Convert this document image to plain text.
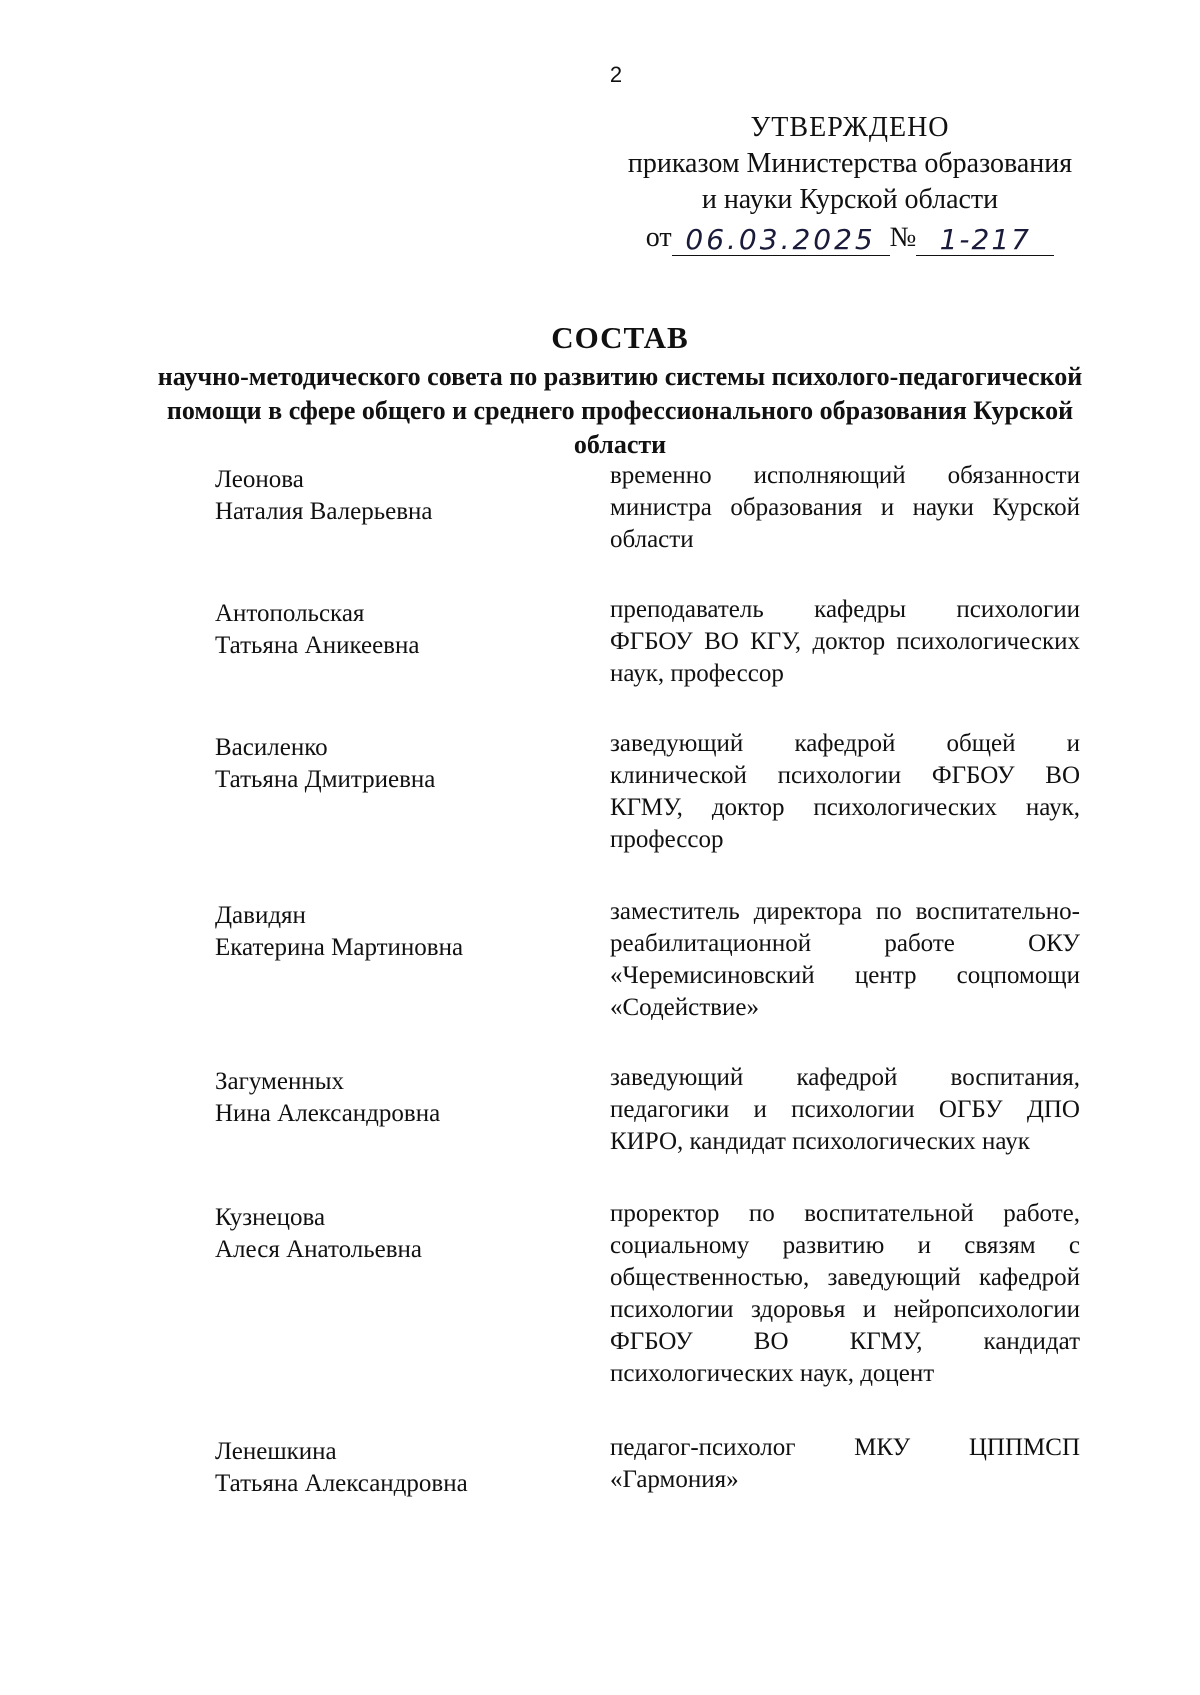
2
УТВЕРЖДЕНО
приказом Министерства образования
и науки Курской области
от 06.03.2025 № 1-217
СОСТАВ
научно-методического совета по развитию системы психолого-педагогической помощи в сфере общего и среднего профессионального образования Курской области
Леонова
Наталия Валерьевна
временно исполняющий обязанности министра образования и науки Курской области
Антопольская
Татьяна Аникеевна
преподаватель кафедры психологии ФГБОУ ВО КГУ, доктор психологических наук, профессор
Василенко
Татьяна Дмитриевна
заведующий кафедрой общей и клинической психологии ФГБОУ ВО КГМУ, доктор психологических наук, профессор
Давидян
Екатерина Мартиновна
заместитель директора по воспитательно-реабилитационной работе ОКУ «Черемисиновский центр соцпомощи «Содействие»
Загуменных
Нина Александровна
заведующий кафедрой воспитания, педагогики и психологии ОГБУ ДПО КИРО, кандидат психологических наук
Кузнецова
Алеся Анатольевна
проректор по воспитательной работе, социальному развитию и связям с общественностью, заведующий кафедрой психологии здоровья и нейропсихологии ФГБОУ ВО КГМУ, кандидат психологических наук, доцент
Ленешкина
Татьяна Александровна
педагог-психолог МКУ ЦППМСП «Гармония»
